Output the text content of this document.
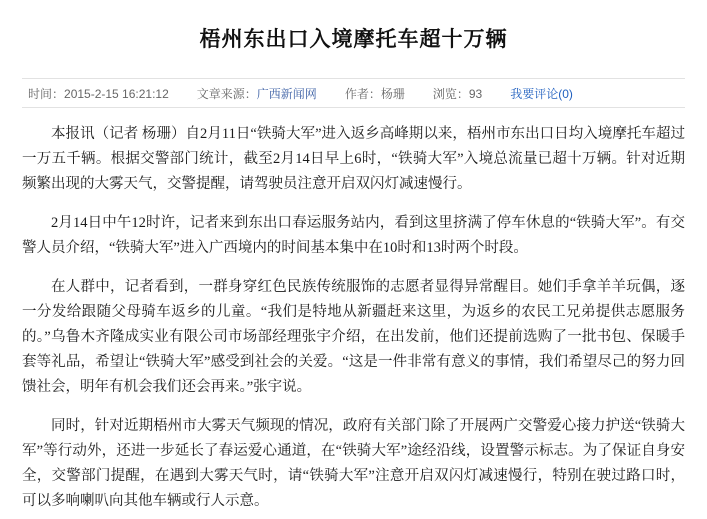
梧州东出口入境摩托车超十万辆
时间：2015-2-15 16:21:12 文章来源：广西新闻网 作者：杨珊 浏览：93 我要评论(0)

本报讯（记者 杨珊）自2月11日“铁骑大军”进入返乡高峰期以来，梧州市东出口日均入境摩托车超过一万五千辆。根据交警部门统计，截至2月14日早上6时，“铁骑大军”入境总流量已超十万辆。针对近期频繁出现的大雾天气，交警提醒，请驾驶员注意开启双闪灯减速慢行。

2月14日中午12时许，记者来到东出口春运服务站内，看到这里挤满了停车休息的“铁骑大军”。有交警人员介绍，“铁骑大军”进入广西境内的时间基本集中在10时和13时两个时段。

在人群中，记者看到，一群身穿红色民族传统服饰的志愿者显得异常醒目。她们手拿羊羊玩偶，逐一分发给跟随父母骑车返乡的儿童。“我们是特地从新疆赶来这里，为返乡的农民工兄弟提供志愿服务的。”乌鲁木齐隆成实业有限公司市场部经理张宇介绍，在出发前，他们还提前选购了一批书包、保暖手套等礼品，希望让“铁骑大军”感受到社会的关爱。“这是一件非常有意义的事情，我们希望尽己的努力回馈社会，明年有机会我们还会再来。”张宇说。

同时，针对近期梧州市大雾天气频现的情况，政府有关部门除了开展两广交警爱心接力护送“铁骑大军”等行动外，还进一步延长了春运爱心通道，在“铁骑大军”途经沿线，设置警示标志。为了保证自身安全，交警部门提醒，在遇到大雾天气时，请“铁骑大军”注意开启双闪灯减速慢行，特别在驶过路口时，可以多响喇叭向其他车辆或行人示意。
